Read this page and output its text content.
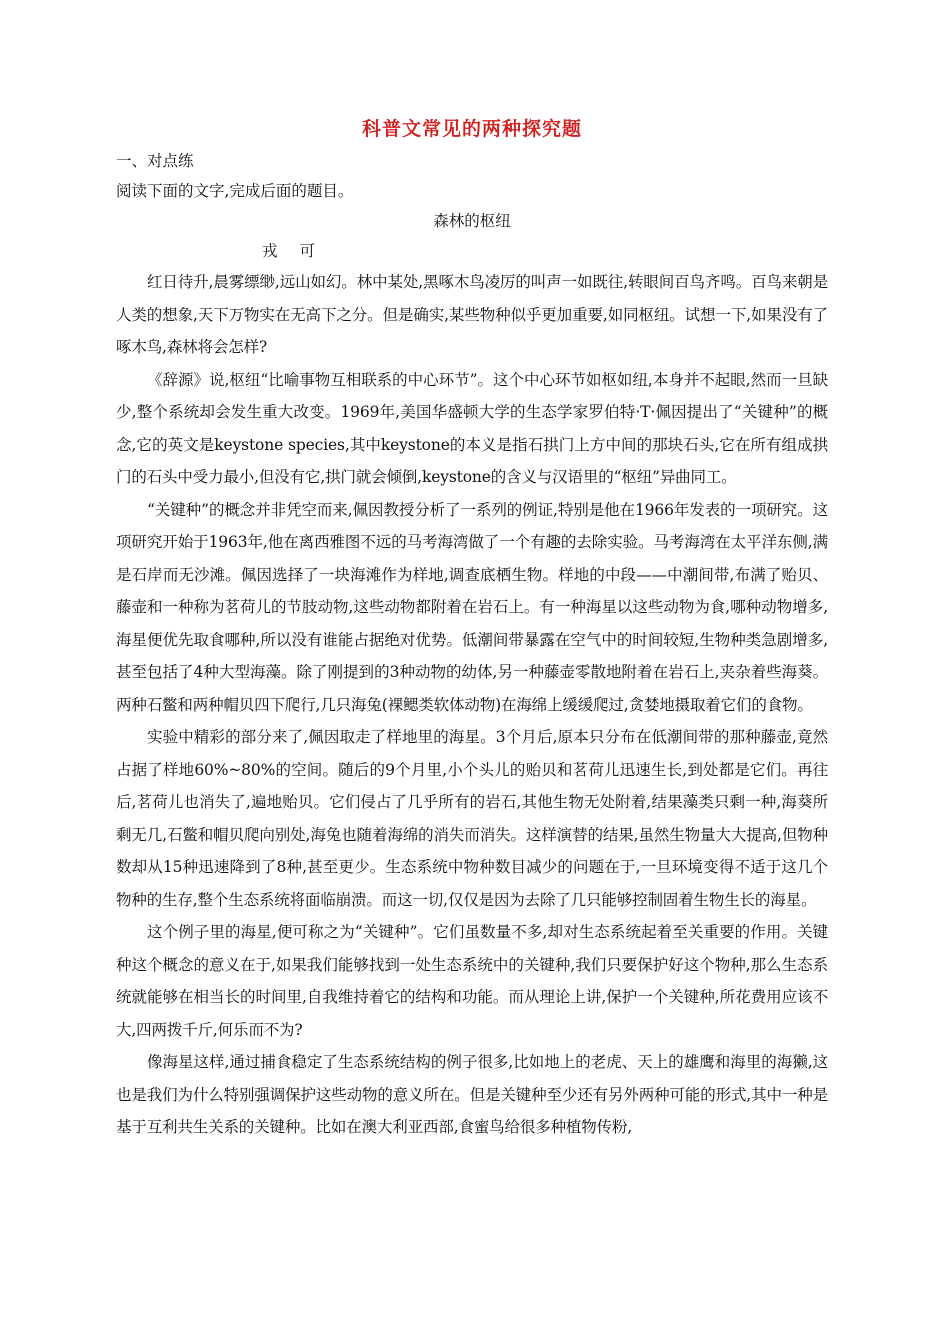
科普文常见的两种探究题

一、对点练

阅读下面的文字,完成后面的题目。

森林的枢纽

戎 可

红日待升,晨雾缥缈,远山如幻。林中某处,黑啄木鸟凌厉的叫声一如既往,转眼间百鸟齐鸣。百鸟来朝是人类的想象,天下万物实在无高下之分。但是确实,某些物种似乎更加重要,如同枢纽。试想一下,如果没有了啄木鸟,森林将会怎样?

《辞源》说,枢纽“比喻事物互相联系的中心环节”。这个中心环节如枢如纽,本身并不起眼,然而一旦缺少,整个系统却会发生重大改变。1969年,美国华盛顿大学的生态学家罗伯特·T·佩因提出了“关键种”的概念,它的英文是keystone species,其中keystone的本义是指石拱门上方中间的那块石头,它在所有组成拱门的石头中受力最小,但没有它,拱门就会倾倒,keystone的含义与汉语里的“枢纽”异曲同工。

“关键种”的概念并非凭空而来,佩因教授分析了一系列的例证,特别是他在1966年发表的一项研究。这项研究开始于1963年,他在离西雅图不远的马考海湾做了一个有趣的去除实验。马考海湾在太平洋东侧,满是石岸而无沙滩。佩因选择了一块海滩作为样地,调查底栖生物。样地的中段——中潮间带,布满了贻贝、藤壶和一种称为茗荷儿的节肢动物,这些动物都附着在岩石上。有一种海星以这些动物为食,哪种动物增多,海星便优先取食哪种,所以没有谁能占据绝对优势。低潮间带暴露在空气中的时间较短,生物种类急剧增多,甚至包括了4种大型海藻。除了刚提到的3种动物的幼体,另一种藤壶零散地附着在岩石上,夹杂着些海葵。两种石鳖和两种帽贝四下爬行,几只海兔(裸鳃类软体动物)在海绵上缓缓爬过,贪婪地摄取着它们的食物。

实验中精彩的部分来了,佩因取走了样地里的海星。3个月后,原本只分布在低潮间带的那种藤壶,竟然占据了样地60%~80%的空间。随后的9个月里,小个头儿的贻贝和茗荷儿迅速生长,到处都是它们。再往后,茗荷儿也消失了,遍地贻贝。它们侵占了几乎所有的岩石,其他生物无处附着,结果藻类只剩一种,海葵所剩无几,石鳖和帽贝爬向别处,海兔也随着海绵的消失而消失。这样演替的结果,虽然生物量大大提高,但物种数却从15种迅速降到了8种,甚至更少。生态系统中物种数目减少的问题在于,一旦环境变得不适于这几个物种的生存,整个生态系统将面临崩溃。而这一切,仅仅是因为去除了几只能够控制固着生物生长的海星。

这个例子里的海星,便可称之为“关键种”。它们虽数量不多,却对生态系统起着至关重要的作用。关键种这个概念的意义在于,如果我们能够找到一处生态系统中的关键种,我们只要保护好这个物种,那么生态系统就能够在相当长的时间里,自我维持着它的结构和功能。而从理论上讲,保护一个关键种,所花费用应该不大,四两拨千斤,何乐而不为?

像海星这样,通过捕食稳定了生态系统结构的例子很多,比如地上的老虎、天上的雄鹰和海里的海獭,这也是我们为什么特别强调保护这些动物的意义所在。但是关键种至少还有另外两种可能的形式,其中一种是基于互利共生关系的关键种。比如在澳大利亚西部,食蜜鸟给很多种植物传粉,
